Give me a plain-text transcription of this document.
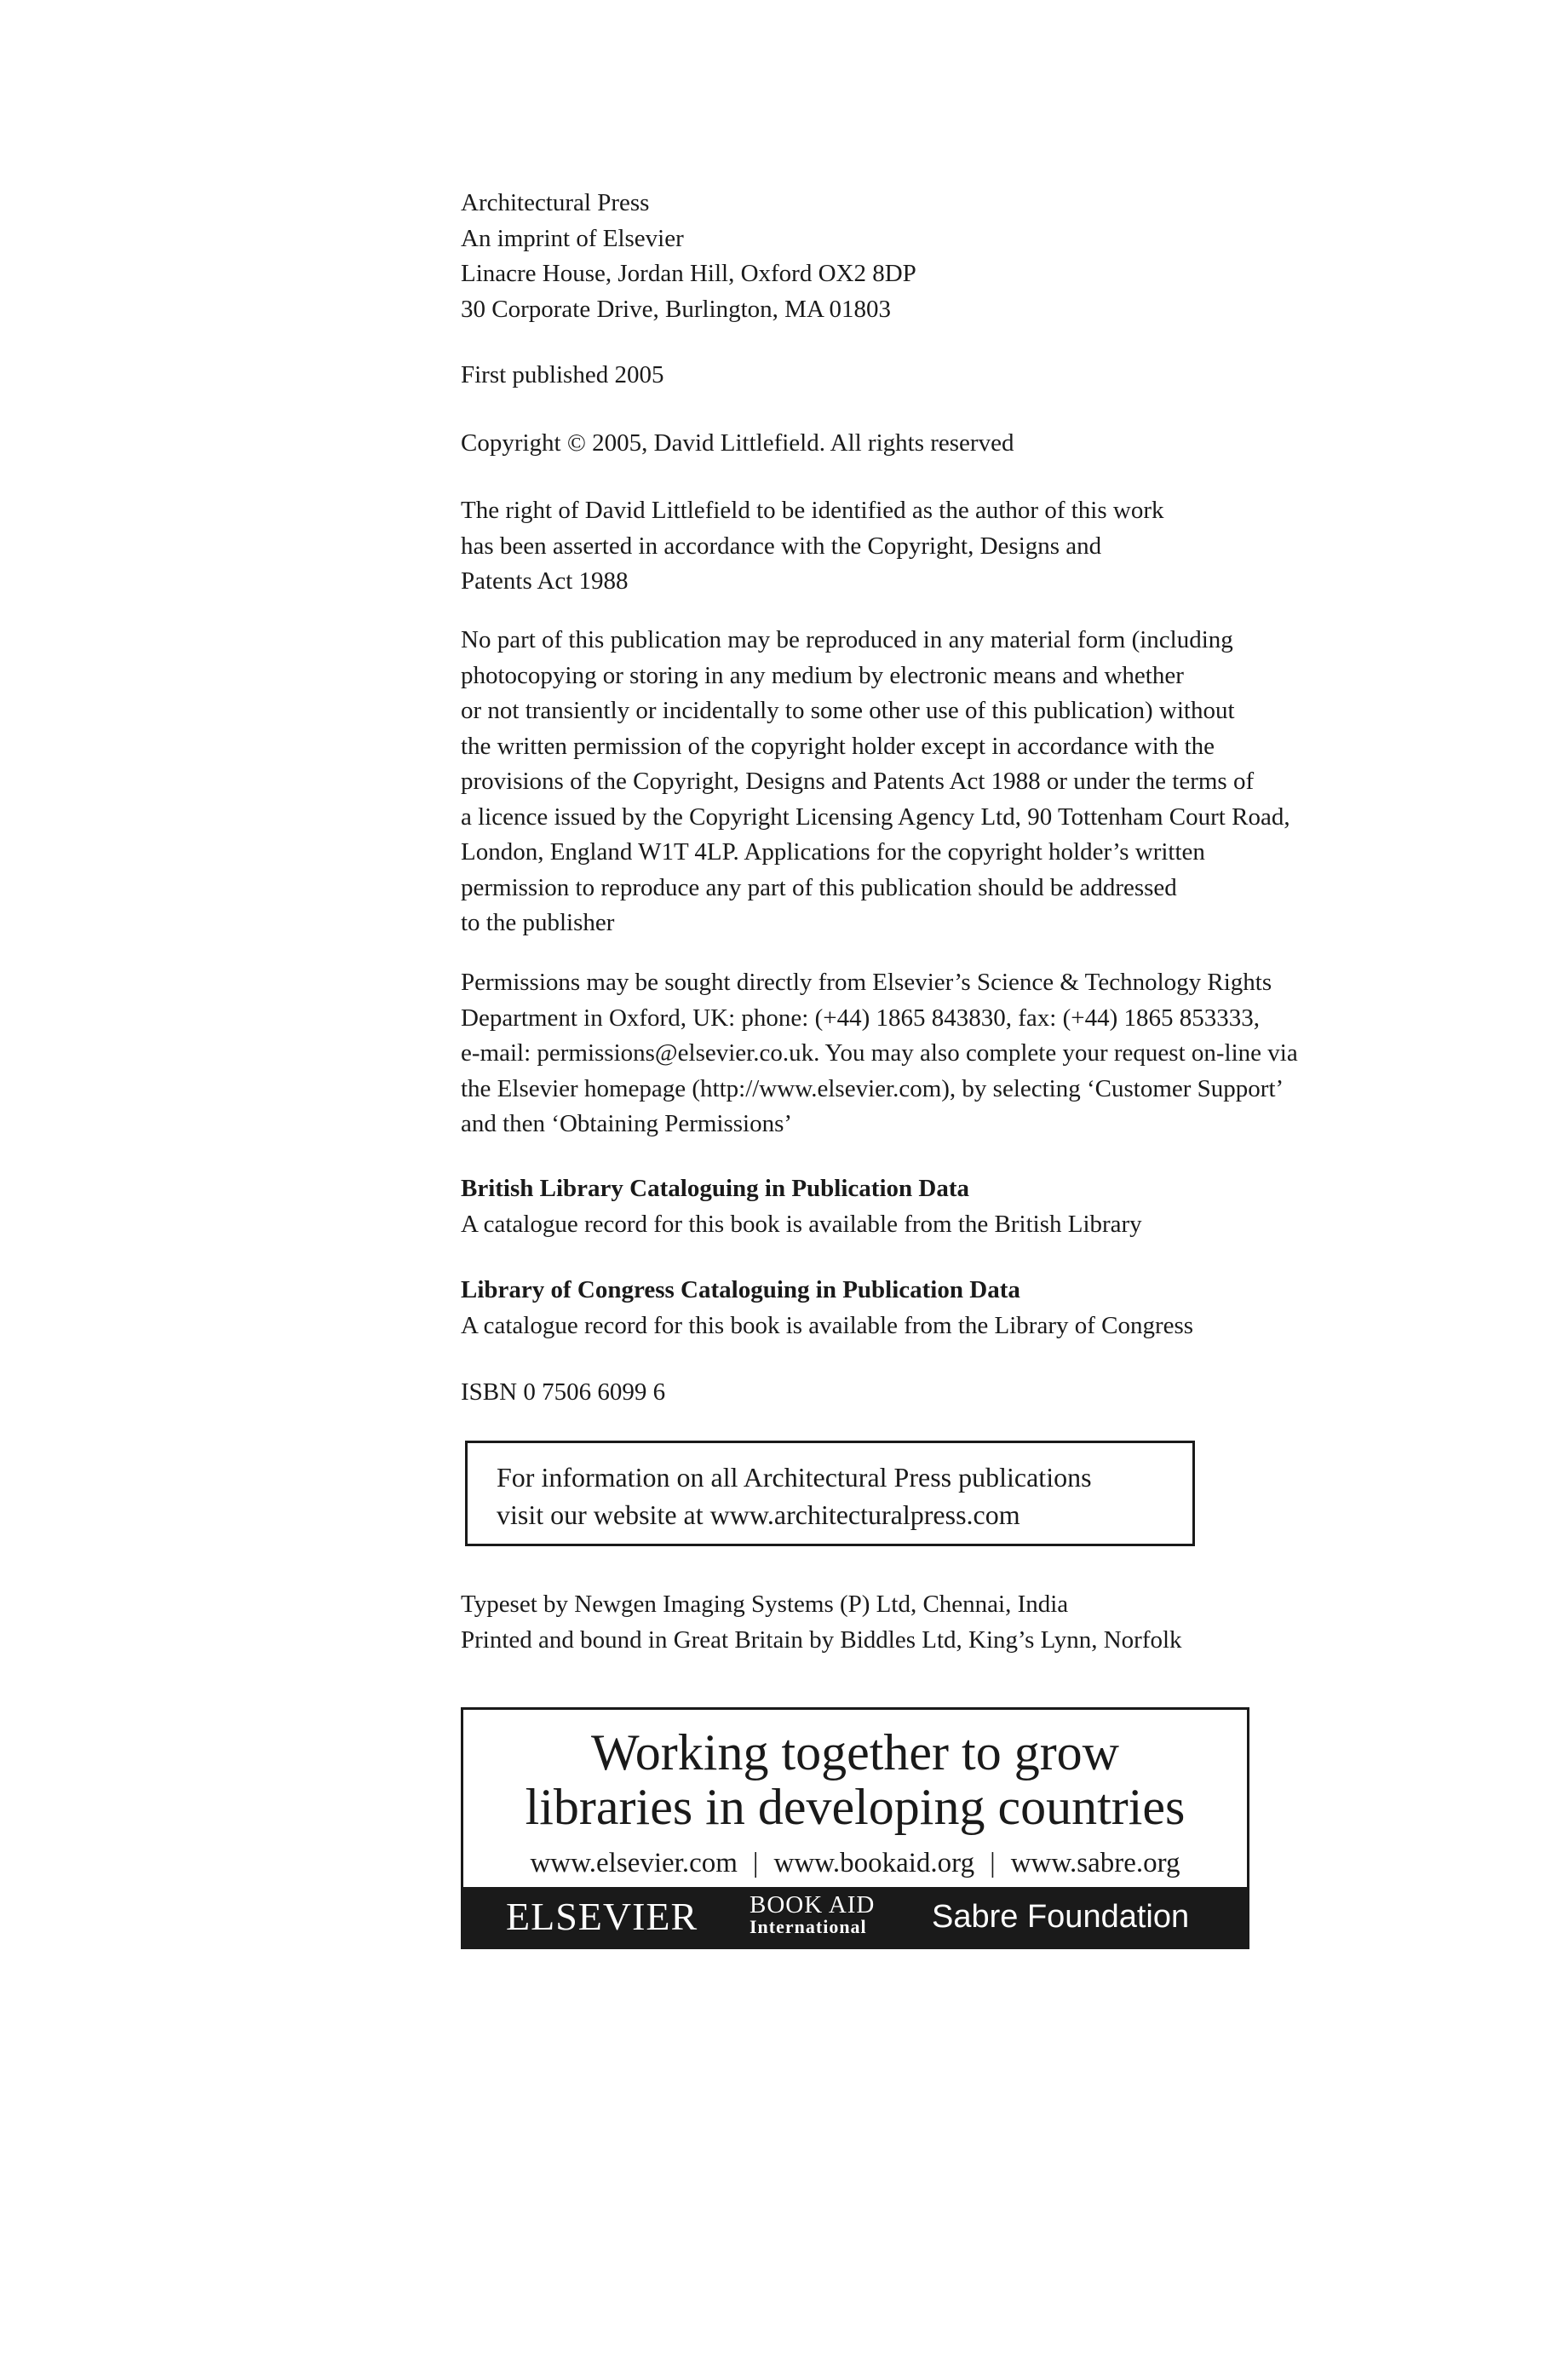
Architectural Press
An imprint of Elsevier
Linacre House, Jordan Hill, Oxford OX2 8DP
30 Corporate Drive, Burlington, MA 01803

First published 2005

Copyright © 2005, David Littlefield. All rights reserved

The right of David Littlefield to be identified as the author of this work
has been asserted in accordance with the Copyright, Designs and
Patents Act 1988

No part of this publication may be reproduced in any material form (including
photocopying or storing in any medium by electronic means and whether
or not transiently or incidentally to some other use of this publication) without
the written permission of the copyright holder except in accordance with the
provisions of the Copyright, Designs and Patents Act 1988 or under the terms of
a licence issued by the Copyright Licensing Agency Ltd, 90 Tottenham Court Road,
London, England W1T 4LP. Applications for the copyright holder’s written
permission to reproduce any part of this publication should be addressed
to the publisher

Permissions may be sought directly from Elsevier’s Science & Technology Rights
Department in Oxford, UK: phone: (+44) 1865 843830, fax: (+44) 1865 853333,
e-mail: permissions@elsevier.co.uk. You may also complete your request on-line via
the Elsevier homepage (http://www.elsevier.com), by selecting ‘Customer Support’
and then ‘Obtaining Permissions’

British Library Cataloguing in Publication Data
A catalogue record for this book is available from the British Library

Library of Congress Cataloguing in Publication Data
A catalogue record for this book is available from the Library of Congress

ISBN 0 7506 6099 6

For information on all Architectural Press publications
visit our website at www.architecturalpress.com

Typeset by Newgen Imaging Systems (P) Ltd, Chennai, India
Printed and bound in Great Britain by Biddles Ltd, King’s Lynn, Norfolk

Working together to grow
libraries in developing countries
www.elsevier.com | www.bookaid.org | www.sabre.org
ELSEVIER BOOK AID
International Sabre Foundation
